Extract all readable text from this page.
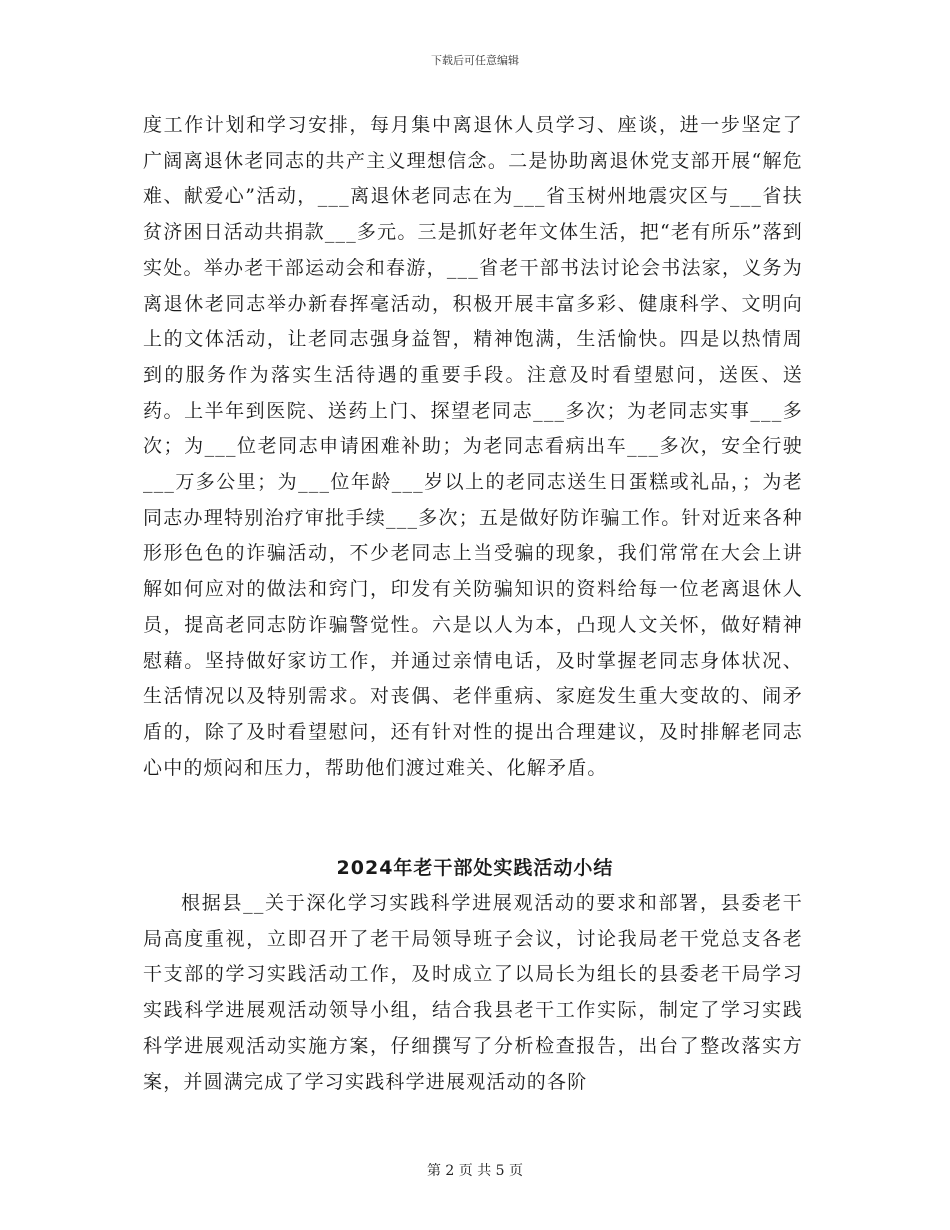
下载后可任意编辑

度工作计划和学习安排，每月集中离退休人员学习、座谈，进一步坚定了广阔离退休老同志的共产主义理想信念。二是协助离退休党支部开展“解危难、献爱心”活动，___离退休老同志在为___省玉树州地震灾区与___省扶贫济困日活动共捐款___多元。三是抓好老年文体生活，把“老有所乐”落到实处。举办老干部运动会和春游，___省老干部书法讨论会书法家，义务为离退休老同志举办新春挥毫活动，积极开展丰富多彩、健康科学、文明向上的文体活动，让老同志强身益智，精神饱满，生活愉快。四是以热情周到的服务作为落实生活待遇的重要手段。注意及时看望慰问，送医、送药。上半年到医院、送药上门、探望老同志___多次；为老同志实事___多次；为___位老同志申请困难补助；为老同志看病出车___多次，安全行驶___万多公里；为___位年龄___岁以上的老同志送生日蛋糕或礼品，；为老同志办理特别治疗审批手续___多次；五是做好防诈骗工作。针对近来各种形形色色的诈骗活动，不少老同志上当受骗的现象，我们常常在大会上讲解如何应对的做法和窍门，印发有关防骗知识的资料给每一位老离退休人员，提高老同志防诈骗警觉性。六是以人为本，凸现人文关怀，做好精神慰藉。坚持做好家访工作，并通过亲情电话，及时掌握老同志身体状况、生活情况以及特别需求。对丧偶、老伴重病、家庭发生重大变故的、闹矛盾的，除了及时看望慰问，还有针对性的提出合理建议，及时排解老同志心中的烦闷和压力，帮助他们渡过难关、化解矛盾。

2024年老干部处实践活动小结

根据县__关于深化学习实践科学进展观活动的要求和部署，县委老干局高度重视，立即召开了老干局领导班子会议，讨论我局老干党总支各老干支部的学习实践活动工作，及时成立了以局长为组长的县委老干局学习实践科学进展观活动领导小组，结合我县老干工作实际，制定了学习实践科学进展观活动实施方案，仔细撰写了分析检查报告，出台了整改落实方案，并圆满完成了学习实践科学进展观活动的各阶

第 2 页 共 5 页
